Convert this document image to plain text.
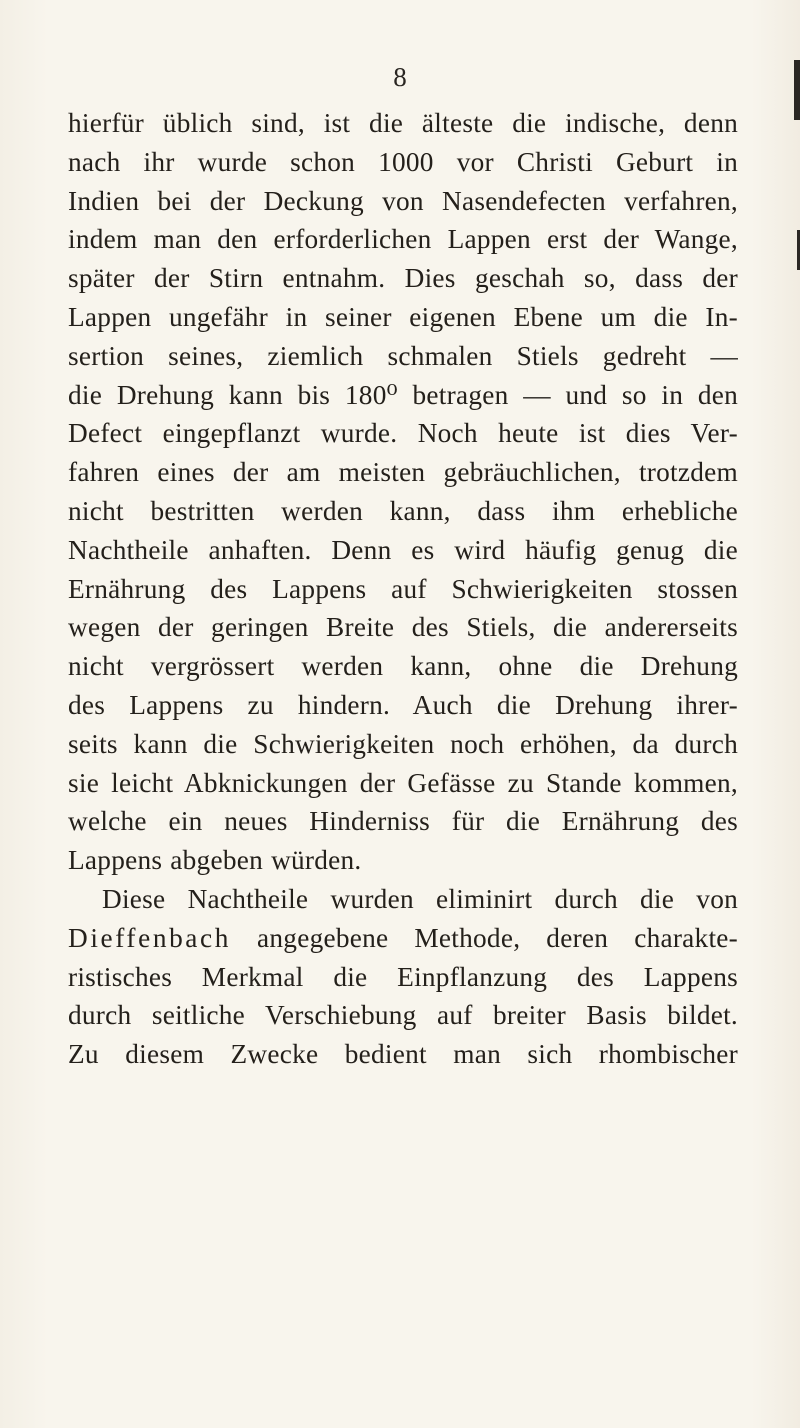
8
hierfür üblich sind, ist die älteste die indische, denn
nach ihr wurde schon 1000 vor Christi Geburt in
Indien bei der Deckung von Nasendefecten verfahren,
indem man den erforderlichen Lappen erst der Wange,
später der Stirn entnahm. Dies geschah so, dass der
Lappen ungefähr in seiner eigenen Ebene um die In-
sertion seines, ziemlich schmalen Stiels gedreht —
die Drehung kann bis 180⁰ betragen — und so in den
Defect eingepflanzt wurde. Noch heute ist dies Ver-
fahren eines der am meisten gebräuchlichen, trotzdem
nicht bestritten werden kann, dass ihm erhebliche
Nachtheile anhaften. Denn es wird häufig genug die
Ernährung des Lappens auf Schwierigkeiten stossen
wegen der geringen Breite des Stiels, die andererseits
nicht vergrössert werden kann, ohne die Drehung
des Lappens zu hindern. Auch die Drehung ihrer-
seits kann die Schwierigkeiten noch erhöhen, da durch
sie leicht Abknickungen der Gefässe zu Stande kommen,
welche ein neues Hinderniss für die Ernährung des
Lappens abgeben würden.
Diese Nachtheile wurden eliminirt durch die von
Dieffenbach angegebene Methode, deren charakte-
ristisches Merkmal die Einpflanzung des Lappens
durch seitliche Verschiebung auf breiter Basis bildet.
Zu diesem Zwecke bedient man sich rhombischer
